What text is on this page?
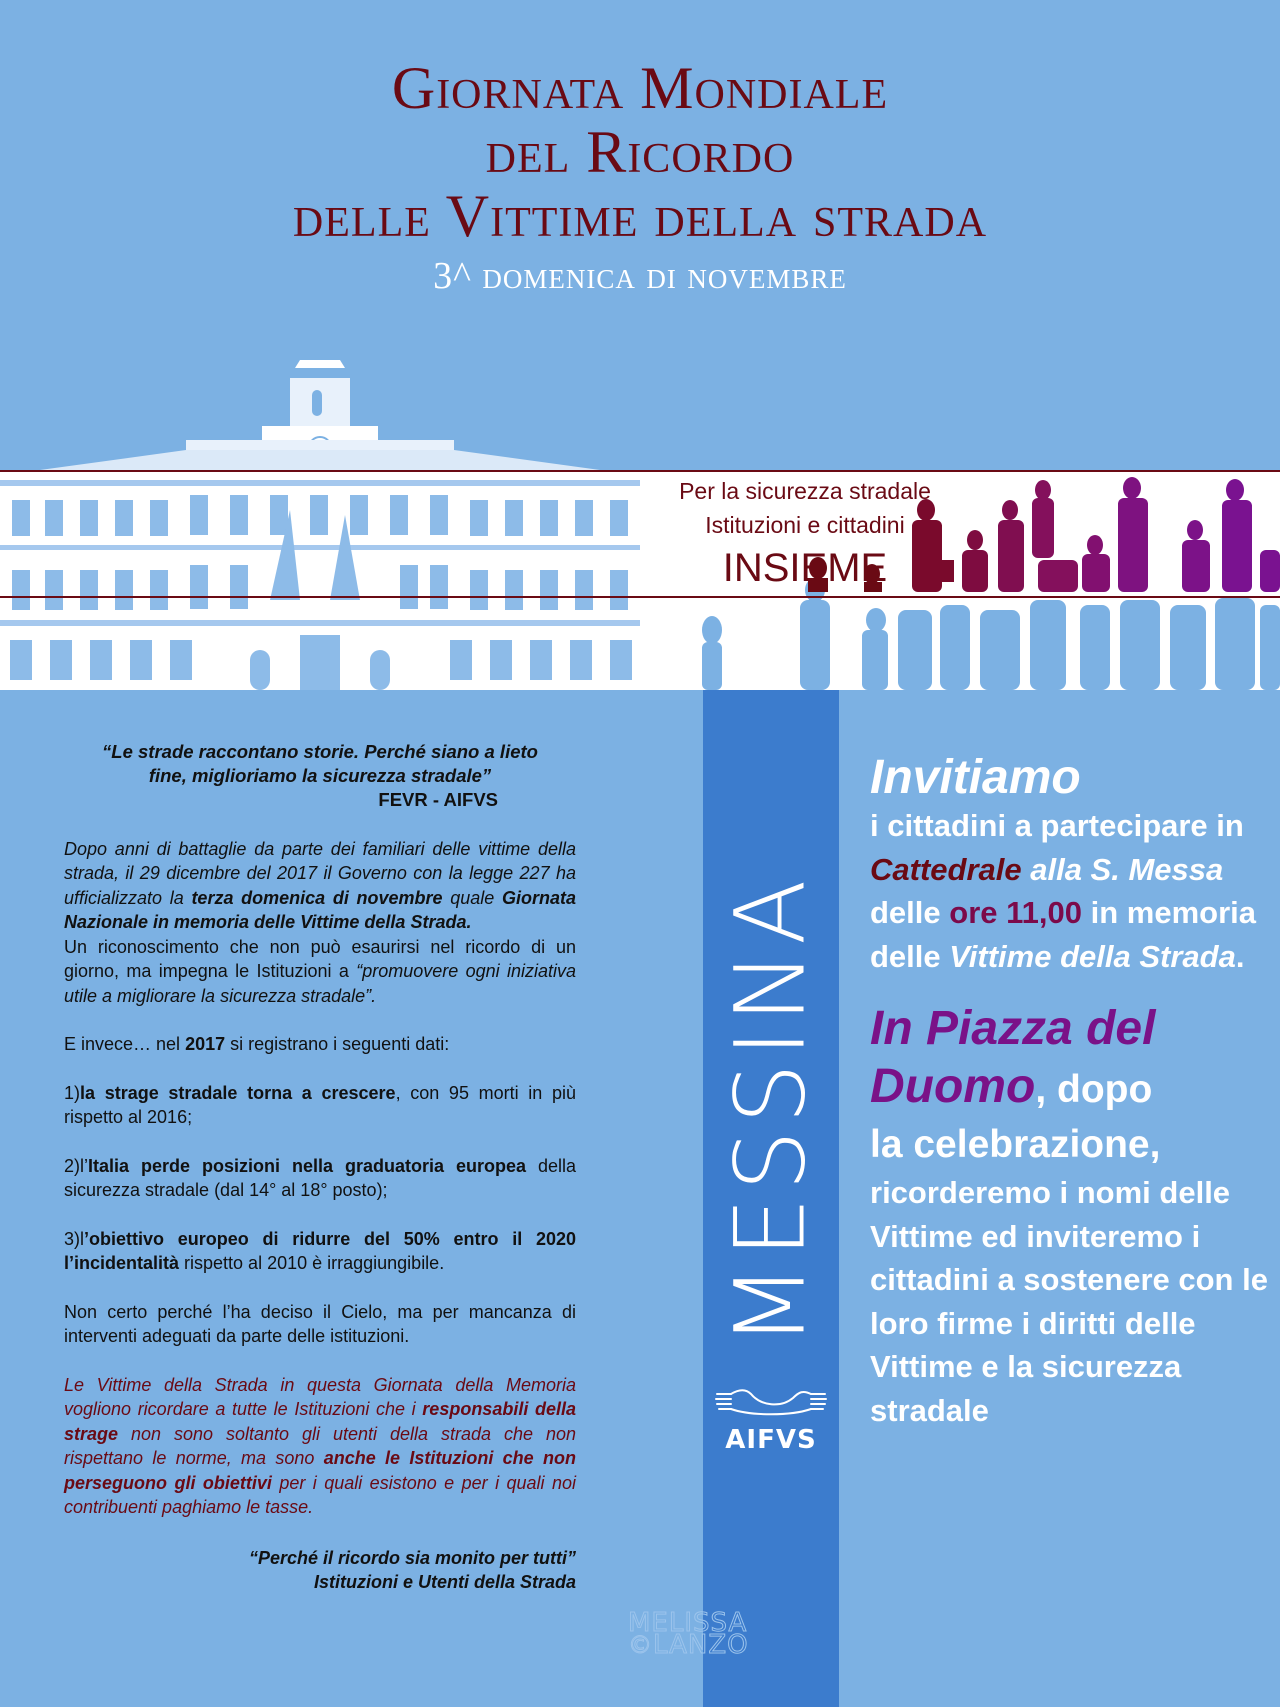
Giornata Mondiale
del Ricordo
delle Vittime della strada
3^ domenica di novembre
Per la sicurezza stradale
Istituzioni e cittadini
INSIEME
MESSINA
AIFVS
MELISSA
©LANZO
“Le strade raccontano storie. Perché siano a lieto
fine, miglioriamo la sicurezza stradale”
FEVR - AIFVS

Dopo anni di battaglie da parte dei familiari delle vittime della strada, il 29 dicembre del 2017 il Governo con la legge 227 ha ufficializzato la terza domenica di novembre quale Giornata Nazionale in memoria delle Vittime della Strada.

Un riconoscimento che non può esaurirsi nel ricordo di un giorno, ma impegna le Istituzioni a “promuovere ogni iniziativa utile a migliorare la sicurezza stradale”.

E invece… nel 2017 si registrano i seguenti dati:

1)la strage stradale torna a crescere, con 95 morti in più rispetto al 2016;

2)l’Italia perde posizioni nella graduatoria europea della sicurezza stradale (dal 14° al 18° posto);

3)l’obiettivo europeo di ridurre del 50% entro il 2020 l’incidentalità rispetto al 2010 è irraggiungibile.

Non certo perché l’ha deciso il Cielo, ma per mancanza di interventi adeguati da parte delle istituzioni.

Le Vittime della Strada in questa Giornata della Memoria vogliono ricordare a tutte le Istituzioni che i responsabili della strage non sono soltanto gli utenti della strada che non rispettano le norme, ma sono anche le Istituzioni che non perseguono gli obiettivi per i quali esistono e per i quali noi contribuenti paghiamo le tasse.

“Perché il ricordo sia monito per tutti”
Istituzioni e Utenti della Strada
Invitiamo
i cittadini a partecipare in Cattedrale alla S. Messa delle ore 11,00 in memoria delle Vittime della Strada.
In Piazza del Duomo, dopo
la celebrazione,
ricorderemo i nomi delle Vittime ed inviteremo i cittadini a sostenere con le loro firme i diritti delle Vittime e la sicurezza stradale
